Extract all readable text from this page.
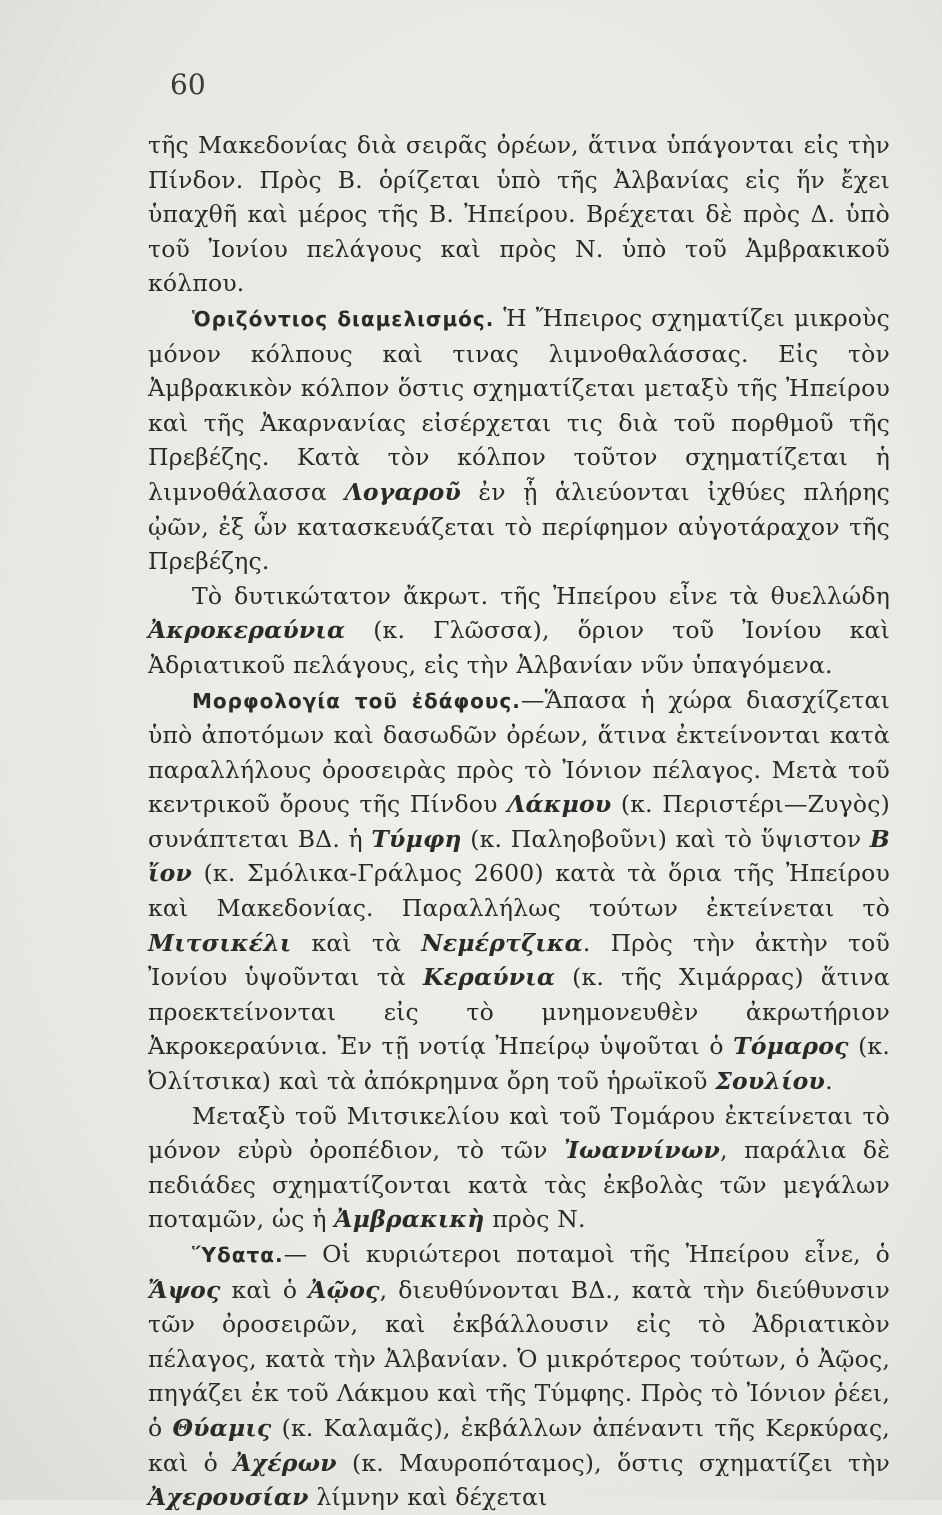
60

τῆς Μακεδονίας διὰ σειρᾶς ὀρέων, ἅτινα ὑπάγονται εἰς τὴν Πίνδον. Πρὸς Β. ὁρίζεται ὑπὸ τῆς Ἀλβανίας εἰς ἥν ἔχει ὑπαχθῆ καὶ μέρος τῆς Β. Ἠπείρου. Βρέχεται δὲ πρὸς Δ. ὑπὸ τοῦ Ἰονίου πελάγους καὶ πρὸς Ν. ὑπὸ τοῦ Ἀμβρακικοῦ κόλπου.

Ὁριζόντιος διαμελισμός. Ἡ Ἤπειρος σχηματίζει μικροὺς μόνον κόλπους καὶ τινας λιμνοθαλάσσας. Εἰς τὸν Ἀμβρακικὸν κόλπον ὅστις σχηματίζεται μεταξὺ τῆς Ἠπείρου καὶ τῆς Ἀκαρνανίας εἰσέρχεται τις διὰ τοῦ πορθμοῦ τῆς Πρεβέζης. Κατὰ τὸν κόλπον τοῦτον σχηματίζεται ἡ λιμνοθάλασσα Λογαροῦ ἐν ᾗ ἁλιεύονται ἰχθύες πλήρης ᾠῶν, ἐξ ὧν κατασκευάζεται τὸ περίφημον αὐγοτάραχον τῆς Πρεβέζης.

Τὸ δυτικώτατον ἄκρωτ. τῆς Ἠπείρου εἶνε τὰ θυελλώδη Ἀκροκεραύνια (κ. Γλῶσσα), ὅριον τοῦ Ἰονίου καὶ Ἀδριατικοῦ πελάγους, εἰς τὴν Ἀλβανίαν νῦν ὑπαγόμενα.

Μορφολογία τοῦ ἐδάφους.—Ἅπασα ἡ χώρα διασχίζεται ὑπὸ ἀποτόμων καὶ δασωδῶν ὀρέων, ἅτινα ἐκτείνονται κατὰ παραλλήλους ὀροσειρὰς πρὸς τὸ Ἰόνιον πέλαγος. Μετὰ τοῦ κεντρικοῦ ὄρους τῆς Πίνδου Λάκμου (κ. Περιστέρι—Ζυγὸς) συνάπτεται ΒΔ. ἡ Τύμφη (κ. Παληοβοῦνι) καὶ τὸ ὕψιστον Β ἴον (κ. Σμόλικα-Γράλμος 2600) κατὰ τὰ ὅρια τῆς Ἠπείρου καὶ Μακεδονίας. Παραλλήλως τούτων ἐκτείνεται τὸ Μιτσικέλι καὶ τὰ Νεμέρτζικα. Πρὸς τὴν ἀκτὴν τοῦ Ἰονίου ὑψοῦνται τὰ Κεραύνια (κ. τῆς Χιμάρρας) ἅτινα προεκτείνονται εἰς τὸ μνημονευθὲν ἀκρωτήριον Ἀκροκεραύνια. Ἐν τῇ νοτίᾳ Ἠπείρῳ ὑψοῦται ὁ Τόμαρος (κ. Ὀλίτσικα) καὶ τὰ ἀπόκρημνα ὄρη τοῦ ἡρωϊκοῦ Σουλίου.

Μεταξὺ τοῦ Μιτσικελίου καὶ τοῦ Τομάρου ἐκτείνεται τὸ μόνον εὐρὺ ὀροπέδιον, τὸ τῶν Ἰωαννίνων, παράλια δὲ πεδιάδες σχηματίζονται κατὰ τὰς ἐκβολὰς τῶν μεγάλων ποταμῶν, ὡς ἡ Ἀμβρακικὴ πρὸς Ν.

Ὕδατα.— Οἱ κυριώτεροι ποταμοὶ τῆς Ἠπείρου εἶνε, ὁ Ἄψος καὶ ὁ Ἀῷος, διευθύνονται ΒΔ., κατὰ τὴν διεύθυνσιν τῶν ὀροσειρῶν, καὶ ἐκβάλλουσιν εἰς τὸ Ἀδριατικὸν πέλαγος, κατὰ τὴν Ἀλβανίαν. Ὁ μικρότερος τούτων, ὁ Ἀῷος, πηγάζει ἐκ τοῦ Λάκμου καὶ τῆς Τύμφης. Πρὸς τὸ Ἰόνιον ῥέει, ὁ Θύαμις (κ. Καλαμᾶς), ἐκβάλλων ἀπέναντι τῆς Κερκύρας, καὶ ὁ Ἀχέρων (κ. Μαυροπόταμος), ὅστις σχηματίζει τὴν Ἀχερουσίαν λίμνην καὶ δέχεται
